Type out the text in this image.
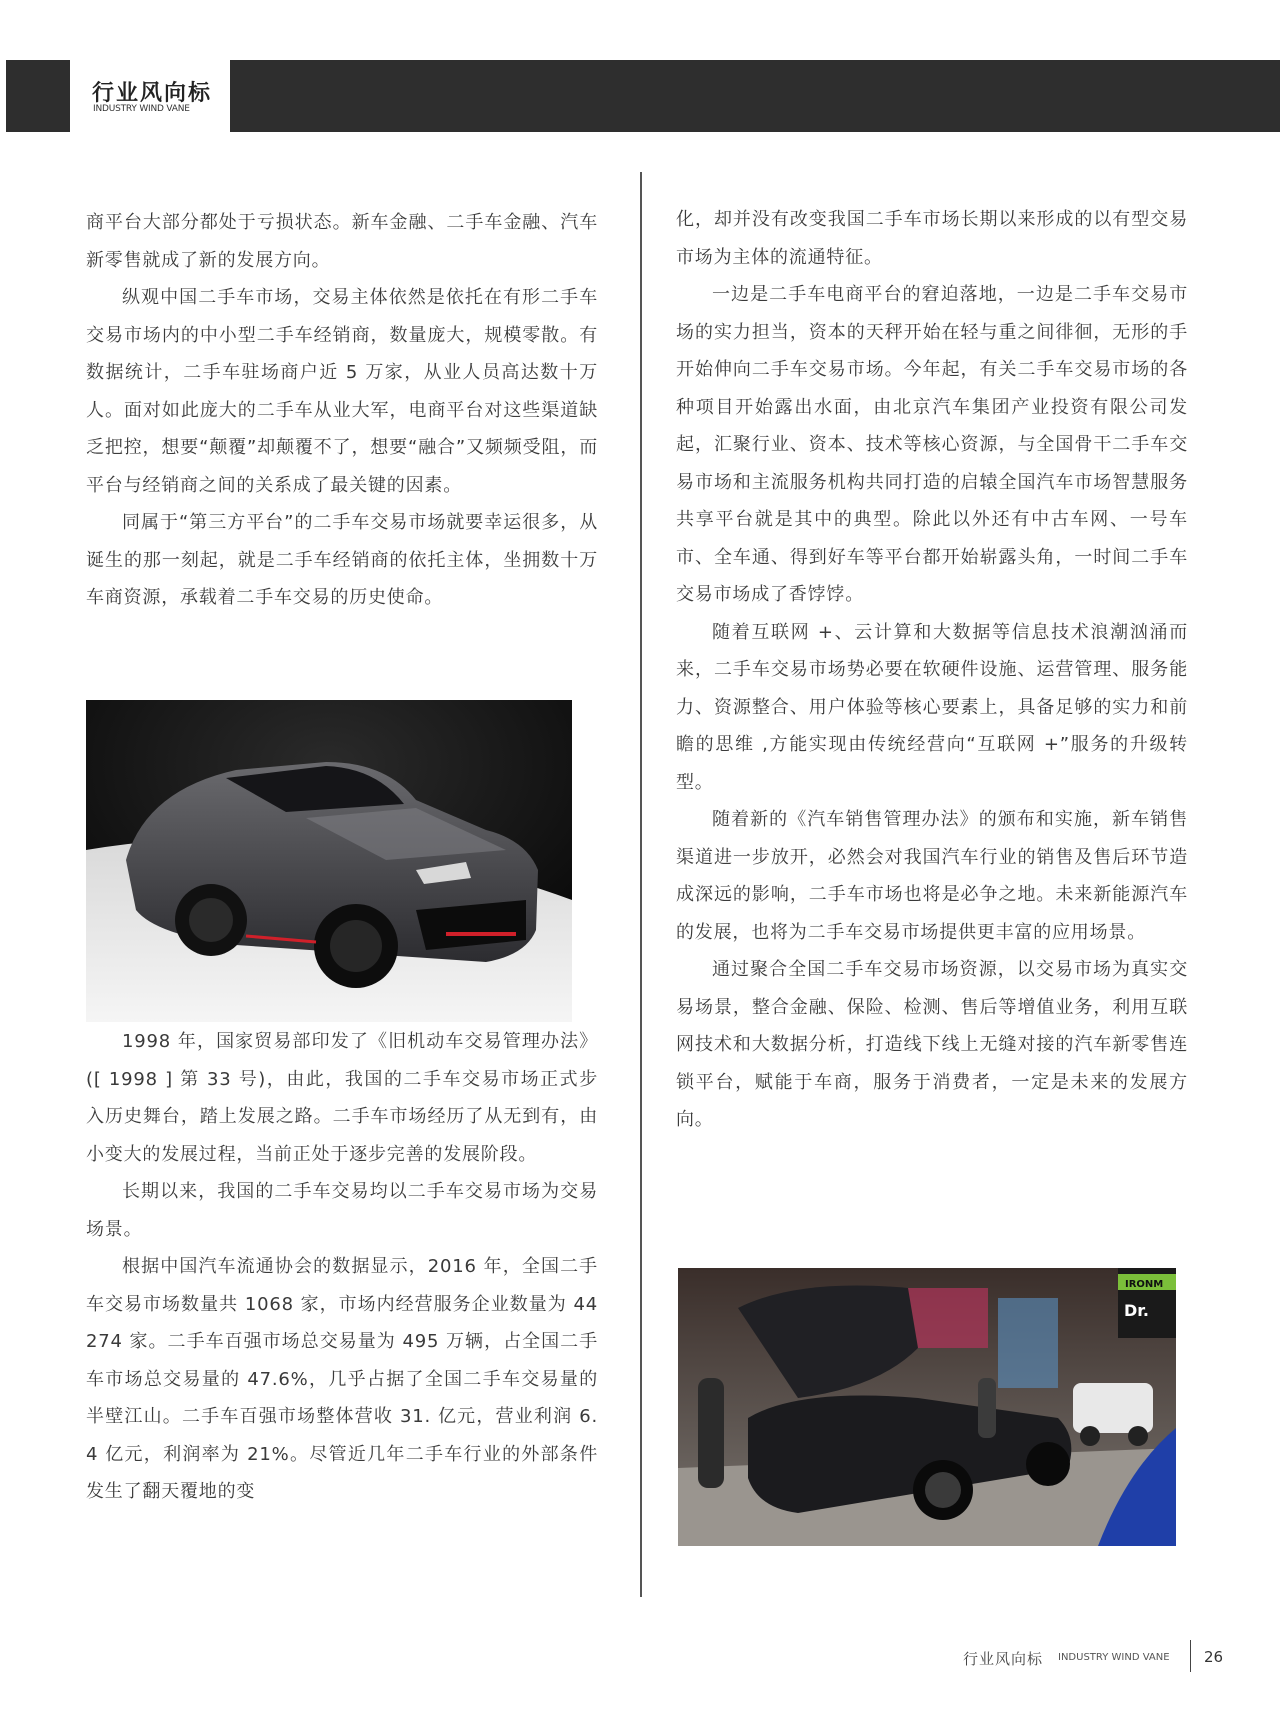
行业风向标
INDUSTRY WIND VANE

商平台大部分都处于亏损状态。新车金融、二手车金融、汽车新零售就成了新的发展方向。

纵观中国二手车市场，交易主体依然是依托在有形二手车交易市场内的中小型二手车经销商，数量庞大，规模零散。有数据统计，二手车驻场商户近 5 万家，从业人员高达数十万人。面对如此庞大的二手车从业大军，电商平台对这些渠道缺乏把控，想要“颠覆”却颠覆不了，想要“融合”又频频受阻，而平台与经销商之间的关系成了最关键的因素。

同属于“第三方平台”的二手车交易市场就要幸运很多，从诞生的那一刻起，就是二手车经销商的依托主体，坐拥数十万车商资源，承载着二手车交易的历史使命。

1998 年，国家贸易部印发了《旧机动车交易管理办法》([ 1998 ] 第 33 号)，由此，我国的二手车交易市场正式步入历史舞台，踏上发展之路。二手车市场经历了从无到有，由小变大的发展过程，当前正处于逐步完善的发展阶段。

长期以来，我国的二手车交易均以二手车交易市场为交易场景。

根据中国汽车流通协会的数据显示，2016 年，全国二手车交易市场数量共 1068 家，市场内经营服务企业数量为 44274 家。二手车百强市场总交易量为 495 万辆，占全国二手车市场总交易量的 47.6%，几乎占据了全国二手车交易量的半壁江山。二手车百强市场整体营收 31. 亿元，营业利润 6.4 亿元，利润率为 21%。尽管近几年二手车行业的外部条件发生了翻天覆地的变

化，却并没有改变我国二手车市场长期以来形成的以有型交易市场为主体的流通特征。

一边是二手车电商平台的窘迫落地，一边是二手车交易市场的实力担当，资本的天秤开始在轻与重之间徘徊，无形的手开始伸向二手车交易市场。今年起，有关二手车交易市场的各种项目开始露出水面，由北京汽车集团产业投资有限公司发起，汇聚行业、资本、技术等核心资源，与全国骨干二手车交易市场和主流服务机构共同打造的启辕全国汽车市场智慧服务共享平台就是其中的典型。除此以外还有中古车网、一号车市、全车通、得到好车等平台都开始崭露头角，一时间二手车交易市场成了香饽饽。

随着互联网 +、云计算和大数据等信息技术浪潮汹涌而来，二手车交易市场势必要在软硬件设施、运营管理、服务能力、资源整合、用户体验等核心要素上，具备足够的实力和前瞻的思维 ,方能实现由传统经营向“互联网 +”服务的升级转型。

随着新的《汽车销售管理办法》的颁布和实施，新车销售渠道进一步放开，必然会对我国汽车行业的销售及售后环节造成深远的影响，二手车市场也将是必争之地。未来新能源汽车的发展，也将为二手车交易市场提供更丰富的应用场景。

通过聚合全国二手车交易市场资源，以交易市场为真实交易场景，整合金融、保险、检测、售后等增值业务，利用互联网技术和大数据分析，打造线下线上无缝对接的汽车新零售连锁平台，赋能于车商，服务于消费者，一定是未来的发展方向。

Dr.
IRONM
行业风向标 INDUSTRY WIND VANE 26
